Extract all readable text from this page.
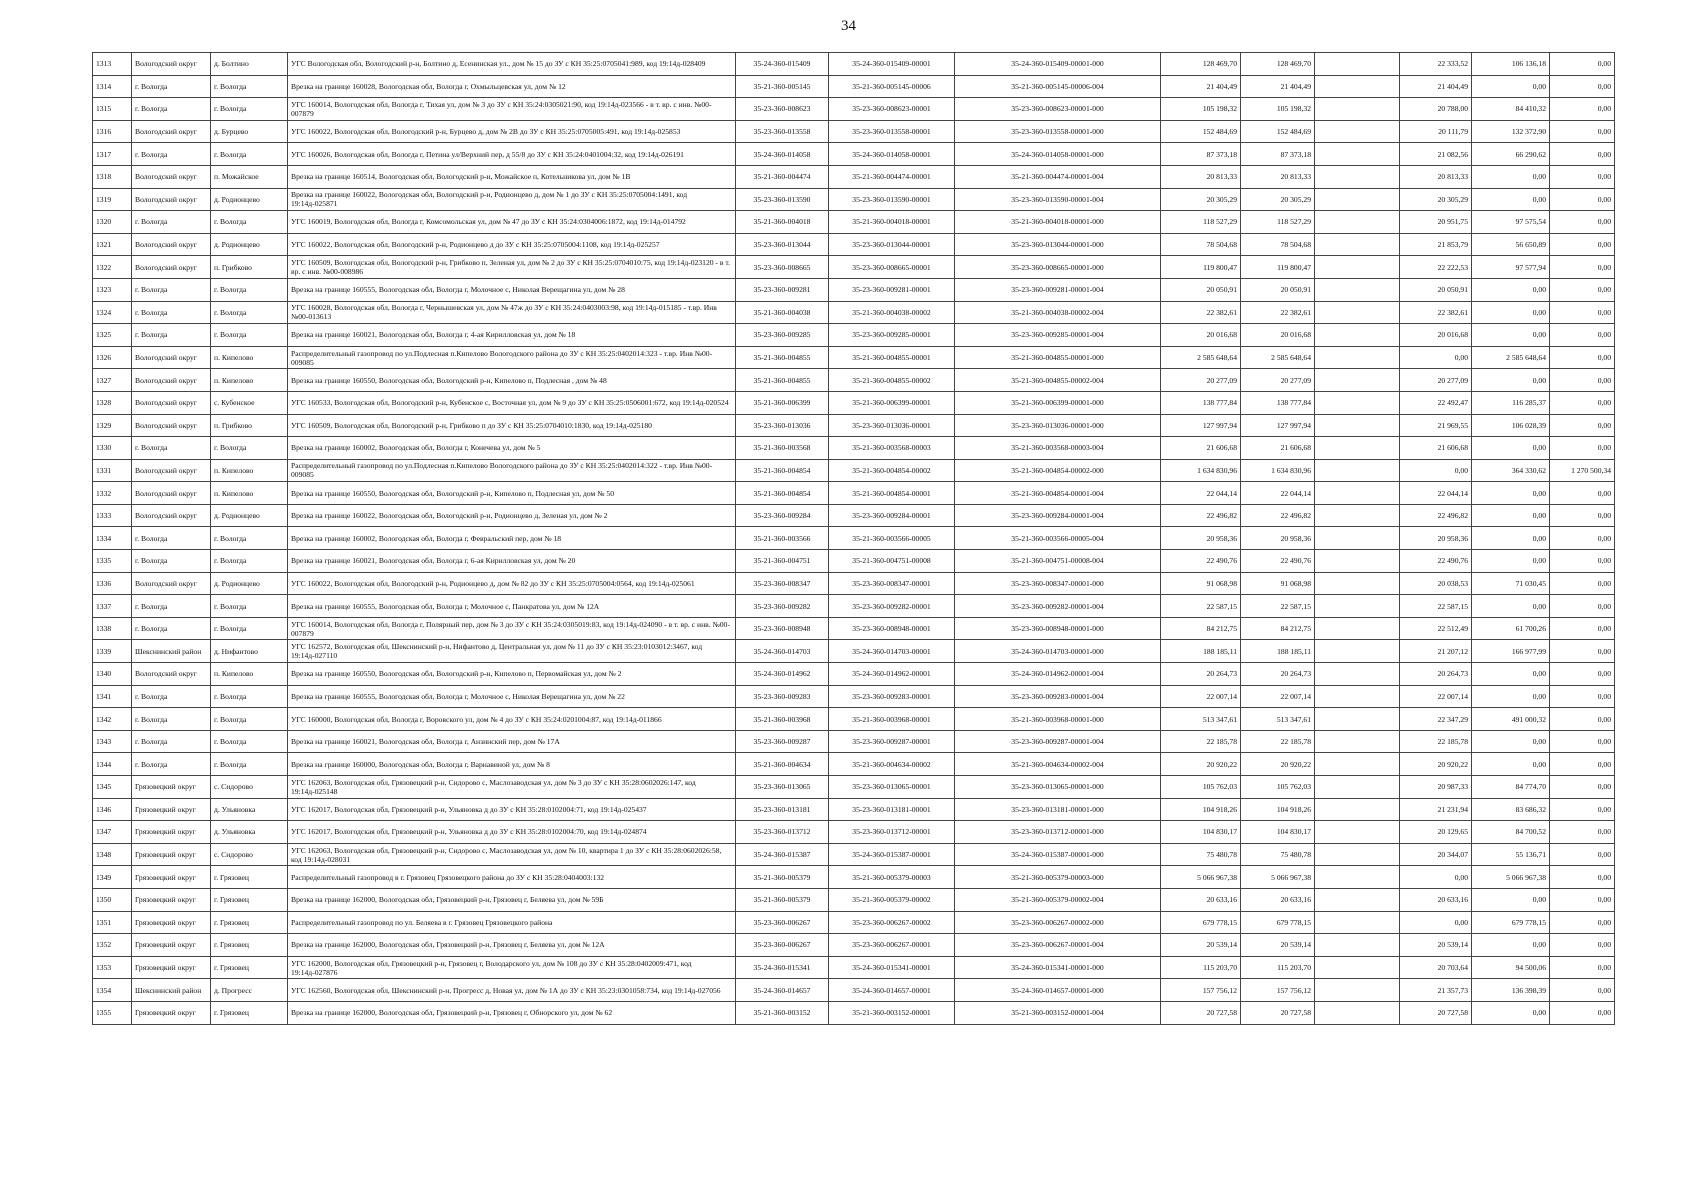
34
1313	Вологодский округ	д. Болтино	УГС Вологодская обл, Вологодский р-н, Болтино д, Есенинская ул., дом № 15 до ЗУ с КН 35:25:0705041:989, код 19:14д-028409	35-24-360-015409	35-24-360-015409-00001	35-24-360-015409-00001-000	128 469,70	128 469,70		22 333,52	106 136,18	0,00
1314	г. Вологда	г. Вологда	Врезка на границе 160028, Вологодская обл, Вологда г, Охмыльцевская ул, дом № 12	35-21-360-005145	35-21-360-005145-00006	35-21-360-005145-00006-004	21 404,49	21 404,49		21 404,49	0,00	0,00
1315	г. Вологда	г. Вологда	УГС 160014, Вологодская обл, Вологда г, Тихая ул, дом № 3 до ЗУ с КН 35:24:0305021:90, код 19:14д-023566 - в т. вр. с инв. №00-007879	35-23-360-008623	35-23-360-008623-00001	35-23-360-008623-00001-000	105 198,32	105 198,32		20 788,00	84 410,32	0,00
1316	Вологодский округ	д. Бурцево	УГС 160022, Вологодская обл, Вологодский р-н, Бурцево д, дом № 2В до ЗУ с КН 35:25:0705005:491, код 19:14д-025853	35-23-360-013558	35-23-360-013558-00001	35-23-360-013558-00001-000	152 484,69	152 484,69		20 111,79	132 372,90	0,00
1317	г. Вологда	г. Вологда	УГС 160026, Вологодская обл, Вологда г, Петина ул/Верхний пер, д 55/8 до ЗУ с КН 35:24:0401004:32, код 19:14д-026191	35-24-360-014058	35-24-360-014058-00001	35-24-360-014058-00001-000	87 373,18	87 373,18		21 082,56	66 290,62	0,00
1318	Вологодский округ	п. Можайское	Врезка на границе 160514, Вологодская обл, Вологодский р-н, Можайское п, Котельникова ул, дом № 1В	35-21-360-004474	35-21-360-004474-00001	35-21-360-004474-00001-004	20 813,33	20 813,33		20 813,33	0,00	0,00
1319	Вологодский округ	д. Родионцево	Врезка на границе 160022, Вологодская обл, Вологодский р-н, Родионцево д, дом № 1 до ЗУ с КН 35:25:0705004:1491, код 19:14д-025871	35-23-360-013590	35-23-360-013590-00001	35-23-360-013590-00001-004	20 305,29	20 305,29		20 305,29	0,00	0,00
1320	г. Вологда	г. Вологда	УГС 160019, Вологодская обл, Вологда г, Комсомольская ул, дом № 47 до ЗУ с КН 35:24:0304006:1872, код 19:14д-014792	35-21-360-004018	35-21-360-004018-00001	35-21-360-004018-00001-000	118 527,29	118 527,29		20 951,75	97 575,54	0,00
1321	Вологодский округ	д. Родионцево	УГС 160022, Вологодская обл, Вологодский р-н, Родионцево д до ЗУ с КН 35:25:0705004:1108, код 19:14д-025257	35-23-360-013044	35-23-360-013044-00001	35-23-360-013044-00001-000	78 504,68	78 504,68		21 853,79	56 650,89	0,00
1322	Вологодский округ	п. Грибково	УГС 160509, Вологодская обл, Вологодский р-н, Грибково п, Зеленая ул, дом № 2 до ЗУ с КН 35:25:0704010:75, код 19:14д-023120 - в т. вр. с инв. №00-008986	35-23-360-008665	35-23-360-008665-00001	35-23-360-008665-00001-000	119 800,47	119 800,47		22 222,53	97 577,94	0,00
1323	г. Вологда	г. Вологда	Врезка на границе 160555, Вологодская обл, Вологда г, Молочное с, Николая Верещагина ул, дом № 28	35-23-360-009281	35-23-360-009281-00001	35-23-360-009281-00001-004	20 050,91	20 050,91		20 050,91	0,00	0,00
1324	г. Вологда	г. Вологда	УГС 160028, Вологодская обл, Вологда г, Чернышевская ул, дом № 47ж до ЗУ с КН 35:24:0403003:98, код 19:14д-015185 - т.вр. Инв №00-013613	35-21-360-004038	35-21-360-004038-00002	35-21-360-004038-00002-004	22 382,61	22 382,61		22 382,61	0,00	0,00
1325	г. Вологда	г. Вологда	Врезка на границе 160021, Вологодская обл, Вологда г, 4-ая Кирилловская ул, дом № 18	35-23-360-009285	35-23-360-009285-00001	35-23-360-009285-00001-004	20 016,68	20 016,68		20 016,68	0,00	0,00
1326	Вологодский округ	п. Кипелово	Распределительный газопровод по ул.Подлесная п.Кипелово Вологодского района до ЗУ с КН 35:25:0402014:323 - т.вр. Инв №00-009085	35-21-360-004855	35-21-360-004855-00001	35-21-360-004855-00001-000	2 585 648,64	2 585 648,64		0,00	2 585 648,64	0,00
1327	Вологодский округ	п. Кипелово	Врезка на границе 160550, Вологодская обл, Вологодский р-н, Кипелово п, Подлесная , дом № 48	35-21-360-004855	35-21-360-004855-00002	35-21-360-004855-00002-004	20 277,09	20 277,09		20 277,09	0,00	0,00
1328	Вологодский округ	с. Кубенское	УГС 160533, Вологодская обл, Вологодский р-н, Кубенское с, Восточная ул, дом № 9 до ЗУ с КН 35:25:0506001:672, код 19:14д-020524	35-21-360-006399	35-21-360-006399-00001	35-21-360-006399-00001-000	138 777,84	138 777,84		22 492,47	116 285,37	0,00
1329	Вологодский округ	п. Грибково	УГС 160509, Вологодская обл, Вологодский р-н, Грибково п до ЗУ с КН 35:25:0704010:1830, код 19:14д-025180	35-23-360-013036	35-23-360-013036-00001	35-23-360-013036-00001-000	127 997,94	127 997,94		21 969,55	106 028,39	0,00
1330	г. Вологда	г. Вологда	Врезка на границе 160002, Вологодская обл, Вологда г, Конечева ул, дом № 5	35-21-360-003568	35-21-360-003568-00003	35-21-360-003568-00003-004	21 606,68	21 606,68		21 606,68	0,00	0,00
1331	Вологодский округ	п. Кипелово	Распределительный газопровод по ул.Подлесная п.Кипелово Вологодского района до ЗУ с КН 35:25:0402014:322 - т.вр. Инв №00-009085	35-21-360-004854	35-21-360-004854-00002	35-21-360-004854-00002-000	1 634 830,96	1 634 830,96		0,00	364 330,62	1 270 500,34
1332	Вологодский округ	п. Кипелово	Врезка на границе 160550, Вологодская обл, Вологодский р-н, Кипелово п, Подлесная ул, дом № 50	35-21-360-004854	35-21-360-004854-00001	35-21-360-004854-00001-004	22 044,14	22 044,14		22 044,14	0,00	0,00
1333	Вологодский округ	д. Родионцево	Врезка на границе 160022, Вологодская обл, Вологодский р-н, Родионцево д, Зеленая ул, дом № 2	35-23-360-009284	35-23-360-009284-00001	35-23-360-009284-00001-004	22 496,82	22 496,82		22 496,82	0,00	0,00
1334	г. Вологда	г. Вологда	Врезка на границе 160002, Вологодская обл, Вологда г, Февральский пер, дом № 18	35-21-360-003566	35-21-360-003566-00005	35-21-360-003566-00005-004	20 958,36	20 958,36		20 958,36	0,00	0,00
1335	г. Вологда	г. Вологда	Врезка на границе 160021, Вологодская обл, Вологда г, 6-ая Кирилловская ул, дом № 20	35-21-360-004751	35-21-360-004751-00008	35-21-360-004751-00008-004	22 490,76	22 490,76		22 490,76	0,00	0,00
1336	Вологодский округ	д. Родионцево	УГС 160022, Вологодская обл, Вологодский р-н, Родионцево д, дом № 82 до ЗУ с КН 35:25:0705004:0564, код 19:14д-025061	35-23-360-008347	35-23-360-008347-00001	35-23-360-008347-00001-000	91 068,98	91 068,98		20 038,53	71 030,45	0,00
1337	г. Вологда	г. Вологда	Врезка на границе 160555, Вологодская обл, Вологда г, Молочное с, Панкратова ул, дом № 12А	35-23-360-009282	35-23-360-009282-00001	35-23-360-009282-00001-004	22 587,15	22 587,15		22 587,15	0,00	0,00
1338	г. Вологда	г. Вологда	УГС 160014, Вологодская обл, Вологда г, Полярный пер, дом № 3 до ЗУ с КН 35:24:0305019:83, код 19:14д-024090 - в т. вр. с инв. №00-007879	35-23-360-008948	35-23-360-008948-00001	35-23-360-008948-00001-000	84 212,75	84 212,75		22 512,49	61 700,26	0,00
1339	Шекснинский район	д. Нифантово	УГС 162572, Вологодская обл, Шекснинский р-н, Нифантово д, Центральная ул, дом № 11 до ЗУ с КН 35:23:0103012:3467, код 19:14д-027110	35-24-360-014703	35-24-360-014703-00001	35-24-360-014703-00001-000	188 185,11	188 185,11		21 207,12	166 977,99	0,00
1340	Вологодский округ	п. Кипелово	Врезка на границе 160550, Вологодская обл, Вологодский р-н, Кипелово п, Первомайская ул, дом № 2	35-24-360-014962	35-24-360-014962-00001	35-24-360-014962-00001-004	20 264,73	20 264,73		20 264,73	0,00	0,00
1341	г. Вологда	г. Вологда	Врезка на границе 160555, Вологодская обл, Вологда г, Молочное с, Николая Верещагина ул, дом № 22	35-23-360-009283	35-23-360-009283-00001	35-23-360-009283-00001-004	22 007,14	22 007,14		22 007,14	0,00	0,00
1342	г. Вологда	г. Вологда	УГС 160000, Вологодская обл, Вологда г, Воровского ул, дом № 4 до ЗУ с КН 35:24:0201004:87, код 19:14д-011866	35-21-360-003968	35-21-360-003968-00001	35-21-360-003968-00001-000	513 347,61	513 347,61		22 347,29	491 000,32	0,00
1343	г. Вологда	г. Вологда	Врезка на границе 160021, Вологодская обл, Вологда г, Анзинский пер, дом № 17А	35-23-360-009287	35-23-360-009287-00001	35-23-360-009287-00001-004	22 185,78	22 185,78		22 185,78	0,00	0,00
1344	г. Вологда	г. Вологда	Врезка на границе 160000, Вологодская обл, Вологда г, Варнавиной ул, дом № 8	35-21-360-004634	35-21-360-004634-00002	35-21-360-004634-00002-004	20 920,22	20 920,22		20 920,22	0,00	0,00
1345	Грязовецкий округ	с. Сидорово	УГС 162063, Вологодская обл, Грязовецкий р-н, Сидорово с, Маслозаводская ул, дом № 3 до ЗУ с КН 35:28:0602026:147, код 19:14д-025148	35-23-360-013065	35-23-360-013065-00001	35-23-360-013065-00001-000	105 762,03	105 762,03		20 987,33	84 774,70	0,00
1346	Грязовецкий округ	д. Ульяновка	УГС 162017, Вологодская обл, Грязовецкий р-н, Ульяновка д до ЗУ с КН 35:28:0102004:71, код 19:14д-025437	35-23-360-013181	35-23-360-013181-00001	35-23-360-013181-00001-000	104 918,26	104 918,26		21 231,94	83 686,32	0,00
1347	Грязовецкий округ	д. Ульяновка	УГС 162017, Вологодская обл, Грязовецкий р-н, Ульяновка д до ЗУ с КН 35:28:0102004:70, код 19:14д-024874	35-23-360-013712	35-23-360-013712-00001	35-23-360-013712-00001-000	104 830,17	104 830,17		20 129,65	84 700,52	0,00
1348	Грязовецкий округ	с. Сидорово	УГС 162063, Вологодская обл, Грязовецкий р-н, Сидорово с, Маслозаводская ул, дом № 10, квартира 1 до ЗУ с КН 35:28:0602026:58, код 19:14д-028031	35-24-360-015387	35-24-360-015387-00001	35-24-360-015387-00001-000	75 480,78	75 480,78		20 344,07	55 136,71	0,00
1349	Грязовецкий округ	г. Грязовец	Распределительный газопровод в г. Грязовец Грязовецкого района до ЗУ с КН 35:28:0404003:132	35-21-360-005379	35-21-360-005379-00003	35-21-360-005379-00003-000	5 066 967,38	5 066 967,38		0,00	5 066 967,38	0,00
1350	Грязовецкий округ	г. Грязовец	Врезка на границе 162000, Вологодская обл, Грязовецкий р-н, Грязовец г, Беляева ул, дом № 59Б	35-21-360-005379	35-21-360-005379-00002	35-21-360-005379-00002-004	20 633,16	20 633,16		20 633,16	0,00	0,00
1351	Грязовецкий округ	г. Грязовец	Распределительный газопровод по ул. Беляева в г. Грязовец Грязовецкого района	35-23-360-006267	35-23-360-006267-00002	35-23-360-006267-00002-000	679 778,15	679 778,15		0,00	679 778,15	0,00
1352	Грязовецкий округ	г. Грязовец	Врезка на границе 162000, Вологодская обл, Грязовецкий р-н, Грязовец г, Беляева ул, дом № 12А	35-23-360-006267	35-23-360-006267-00001	35-23-360-006267-00001-004	20 539,14	20 539,14		20 539,14	0,00	0,00
1353	Грязовецкий округ	г. Грязовец	УГС 162000, Вологодская обл, Грязовецкий р-н, Грязовец г, Володарского ул, дом № 108 до ЗУ с КН 35:28:0402009:471, код 19:14д-027876	35-24-360-015341	35-24-360-015341-00001	35-24-360-015341-00001-000	115 203,70	115 203,70		20 703,64	94 500,06	0,00
1354	Шекснинский район	д. Прогресс	УГС 162560, Вологодская обл, Шекснинский р-н, Прогресс д, Новая ул, дом № 1А до ЗУ с КН 35:23:0301058:734, код 19:14д-027056	35-24-360-014657	35-24-360-014657-00001	35-24-360-014657-00001-000	157 756,12	157 756,12		21 357,73	136 398,39	0,00
1355	Грязовецкий округ	г. Грязовец	Врезка на границе 162000, Вологодская обл, Грязовецкий р-н, Грязовец г, Обнорского ул, дом № 62	35-21-360-003152	35-21-360-003152-00001	35-21-360-003152-00001-004	20 727,58	20 727,58		20 727,58	0,00	0,00
